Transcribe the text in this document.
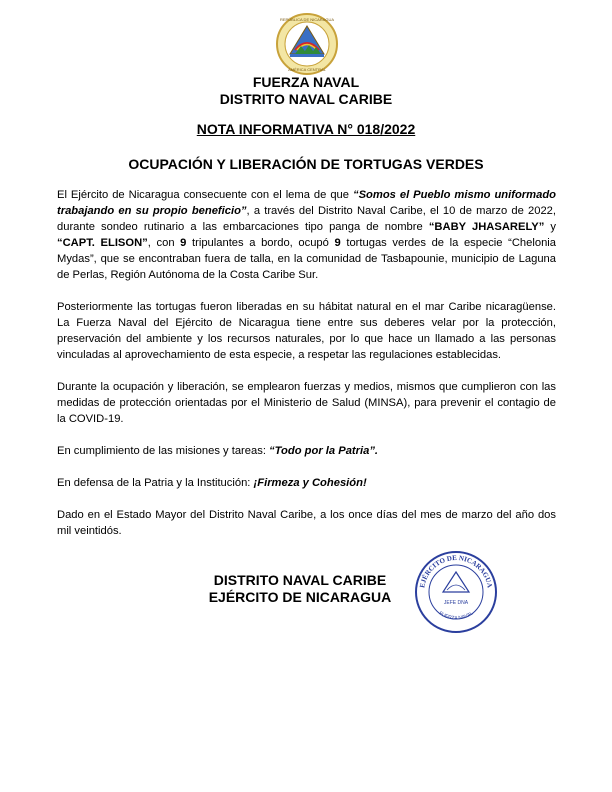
REPÚBLICA DE NICARAGUA
AMÉRICA CENTRAL
FUERZA NAVAL
DISTRITO NAVAL CARIBE
NOTA INFORMATIVA N° 018/2022
OCUPACIÓN Y LIBERACIÓN DE TORTUGAS VERDES

El Ejército de Nicaragua consecuente con el lema de que “Somos el Pueblo mismo uniformado trabajando en su propio beneficio”, a través del Distrito Naval Caribe, el 10 de marzo de 2022, durante sondeo rutinario a las embarcaciones tipo panga de nombre “BABY JHASARELY” y “CAPT. ELISON”, con 9 tripulantes a bordo, ocupó 9 tortugas verdes de la especie “Chelonia Mydas”, que se encontraban fuera de talla, en la comunidad de Tasbapounie, municipio de Laguna de Perlas, Región Autónoma de la Costa Caribe Sur.

Posteriormente las tortugas fueron liberadas en su hábitat natural en el mar Caribe nicaragüense. La Fuerza Naval del Ejército de Nicaragua tiene entre sus deberes velar por la protección, preservación del ambiente y los recursos naturales, por lo que hace un llamado a las personas vinculadas al aprovechamiento de esta especie, a respetar las regulaciones establecidas.

Durante la ocupación y liberación, se emplearon fuerzas y medios, mismos que cumplieron con las medidas de protección orientadas por el Ministerio de Salud (MINSA), para prevenir el contagio de la COVID-19.

En cumplimiento de las misiones y tareas: “Todo por la Patria”.

En defensa de la Patria y la Institución: ¡Firmeza y Cohesión!

Dado en el Estado Mayor del Distrito Naval Caribe, a los once días del mes de marzo del año dos mil veintidós.

DISTRITO NAVAL CARIBE
EJÉRCITO DE NICARAGUA
EJÉRCITO DE NICARAGUA
FUERZA NAVAL
JEFE DNA
